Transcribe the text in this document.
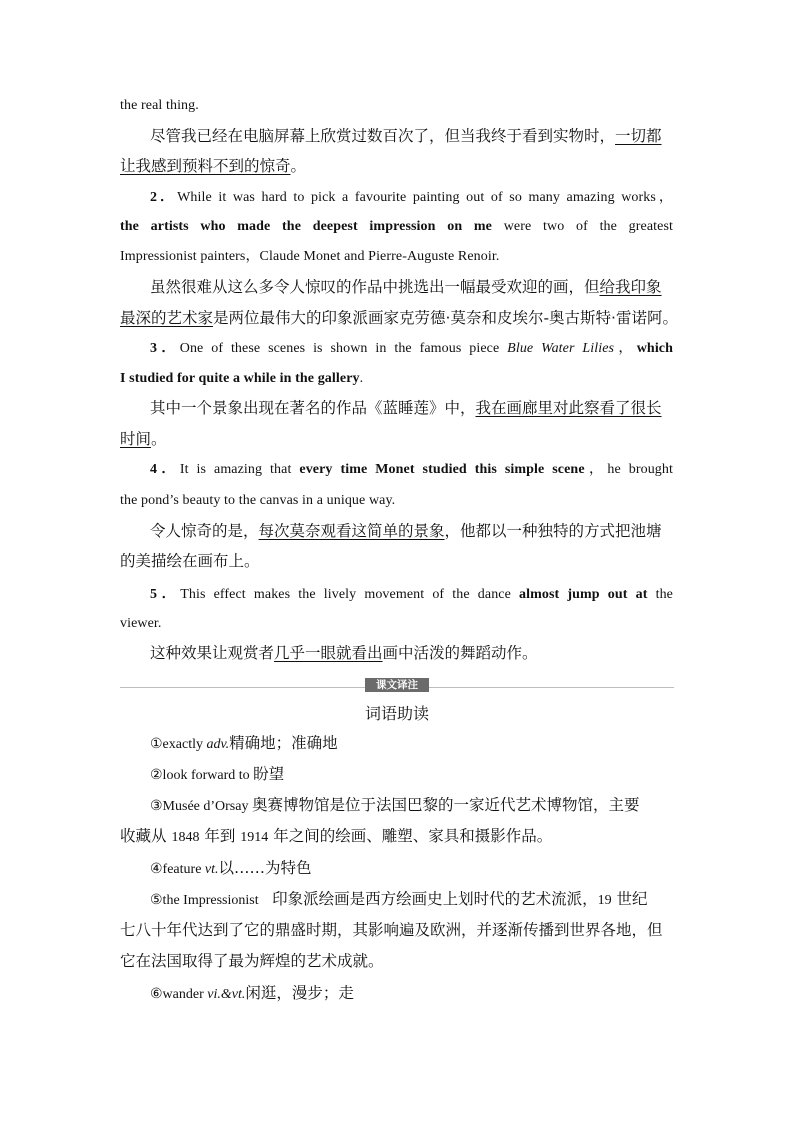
the real thing.
尽管我已经在电脑屏幕上欣赏过数百次了，但当我终于看到实物时，一切都
让我感到预料不到的惊奇。
2．While it was hard to pick a favourite painting out of so many amazing works，
the artists who made the deepest impression on me were two of the greatest
Impressionist painters，Claude Monet and Pierre-Auguste Renoir.
虽然很难从这么多令人惊叹的作品中挑选出一幅最受欢迎的画，但给我印象
最深的艺术家是两位最伟大的印象派画家克劳德·莫奈和皮埃尔-奥古斯特·雷诺阿。
3．One of these scenes is shown in the famous piece Blue Water Lilies，which
I studied for quite a while in the gallery.
其中一个景象出现在著名的作品《蓝睡莲》中，我在画廊里对此察看了很长
时间。
4．It is amazing that every time Monet studied this simple scene，he brought
the pond’s beauty to the canvas in a unique way.
令人惊奇的是，每次莫奈观看这简单的景象，他都以一种独特的方式把池塘
的美描绘在画布上。
5．This effect makes the lively movement of the dance almost jump out at the
viewer.
这种效果让观赏者几乎一眼就看出画中活泼的舞蹈动作。
课文译注
词语助读
①exactly adv.精确地；准确地
②look forward to 盼望
③Musée d’Orsay 奥赛博物馆是位于法国巴黎的一家近代艺术博物馆，主要
收藏从 1848 年到 1914 年之间的绘画、雕塑、家具和摄影作品。
④feature vt.以……为特色
⑤the Impressionist 印象派绘画是西方绘画史上划时代的艺术流派，19 世纪
七八十年代达到了它的鼎盛时期，其影响遍及欧洲，并逐渐传播到世界各地，但
它在法国取得了最为辉煌的艺术成就。
⑥wander vi.&vt.闲逛，漫步；走
